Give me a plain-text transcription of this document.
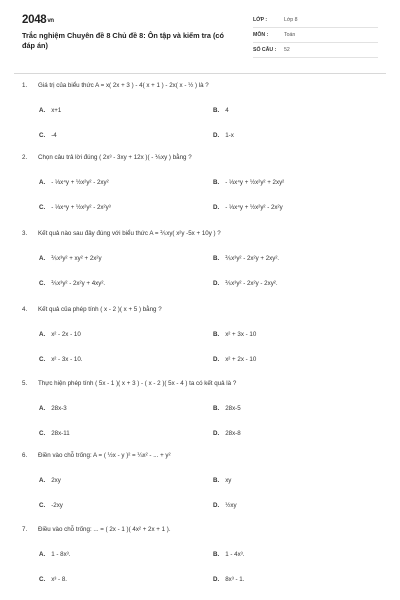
2048vn
Trắc nghiệm Chuyên đề 8 Chủ đề 8: Ôn tập và kiểm tra (có đáp án)
LỚP :	Lớp 8
MÔN :	Toán
SỐ CÂU : 52
1. Giá trị của biểu thức A = x( 2x + 3 ) - 4( x + 1 ) - 2x( x - ½ ) là ?
A. x+1	B. 4
C. -4	D. 1-x
2. Chọn câu trả lời đúng ( 2x³ - 3xy + 12x )( - ⅙xy ) bằng ?
A. - ⅓x⁴y + ½x²y² - 2xy²	B. - ⅓x⁴y + ½x²y² + 2xy²
C. - ⅓x⁴y + ½x²y² - 2x²y³	D. - ⅓x⁴y + ½x²y² - 2x²y
3. Kết quả nào sau đây đúng với biểu thức A = ⅖xy( x²y -5x + 10y ) ?
A. ⅖x³y² + xy² + 2x²y	B. ⅖x³y² - 2x²y + 2xy².
C. ⅖x³y² - 2x²y + 4xy².	D. ⅖x³y² - 2x²y - 2xy².
4. Kết quả của phép tính ( x - 2 )( x + 5 ) bằng ?
A. x² - 2x - 10	B. x² + 3x - 10
C. x² - 3x - 10.	D. x² + 2x - 10
5. Thực hiện phép tính ( 5x - 1 )( x + 3 ) - ( x - 2 )( 5x - 4 ) ta có kết quả là ?
A. 28x-3	B. 28x-5
C. 28x-11	D. 28x-8
6. Điền vào chỗ trống: A = ( ½x - y )² = ¼x² - ... + y²
A. 2xy	B. xy
C. -2xy	D. ½xy
7. Điều vào chỗ trống: ... = ( 2x - 1 )( 4x² + 2x + 1 ).
A. 1 - 8x³.	B. 1 - 4x³.
C. x³ - 8.	D. 8x³ - 1.
